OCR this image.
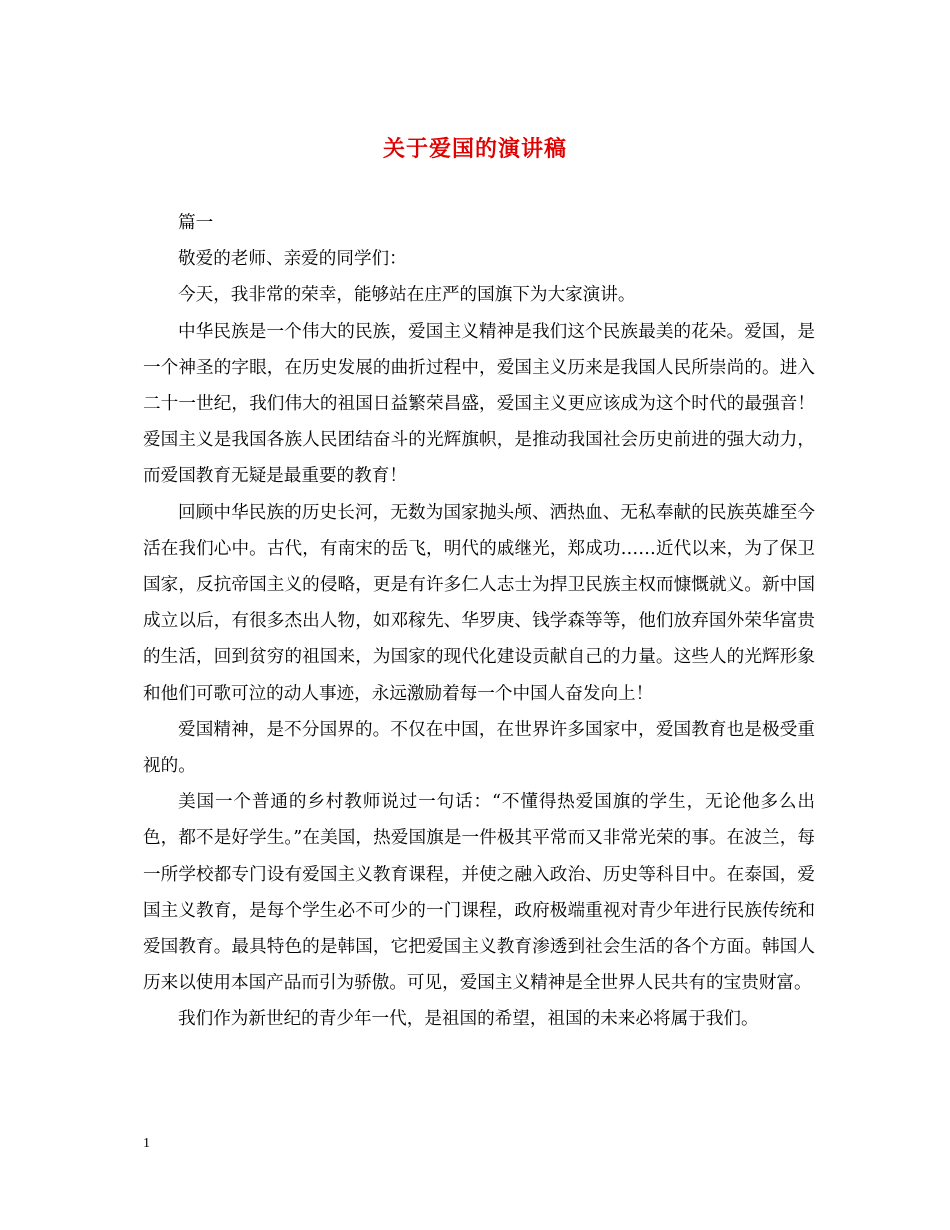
关于爱国的演讲稿

篇一

敬爱的老师、亲爱的同学们：

今天，我非常的荣幸，能够站在庄严的国旗下为大家演讲。

中华民族是一个伟大的民族，爱国主义精神是我们这个民族最美的花朵。爱国，是一个神圣的字眼，在历史发展的曲折过程中，爱国主义历来是我国人民所崇尚的。进入二十一世纪，我们伟大的祖国日益繁荣昌盛，爱国主义更应该成为这个时代的最强音！爱国主义是我国各族人民团结奋斗的光辉旗帜，是推动我国社会历史前进的强大动力，而爱国教育无疑是最重要的教育！

回顾中华民族的历史长河，无数为国家抛头颅、洒热血、无私奉献的民族英雄至今活在我们心中。古代，有南宋的岳飞，明代的戚继光，郑成功……近代以来，为了保卫国家，反抗帝国主义的侵略，更是有许多仁人志士为捍卫民族主权而慷慨就义。新中国成立以后，有很多杰出人物，如邓稼先、华罗庚、钱学森等等，他们放弃国外荣华富贵的生活，回到贫穷的祖国来，为国家的现代化建设贡献自己的力量。这些人的光辉形象和他们可歌可泣的动人事迹，永远激励着每一个中国人奋发向上！

爱国精神，是不分国界的。不仅在中国，在世界许多国家中，爱国教育也是极受重视的。

美国一个普通的乡村教师说过一句话：“不懂得热爱国旗的学生，无论他多么出色，都不是好学生。”在美国，热爱国旗是一件极其平常而又非常光荣的事。在波兰，每一所学校都专门设有爱国主义教育课程，并使之融入政治、历史等科目中。在泰国，爱国主义教育，是每个学生必不可少的一门课程，政府极端重视对青少年进行民族传统和爱国教育。最具特色的是韩国，它把爱国主义教育渗透到社会生活的各个方面。韩国人历来以使用本国产品而引为骄傲。可见，爱国主义精神是全世界人民共有的宝贵财富。

我们作为新世纪的青少年一代，是祖国的希望，祖国的未来必将属于我们。

1
